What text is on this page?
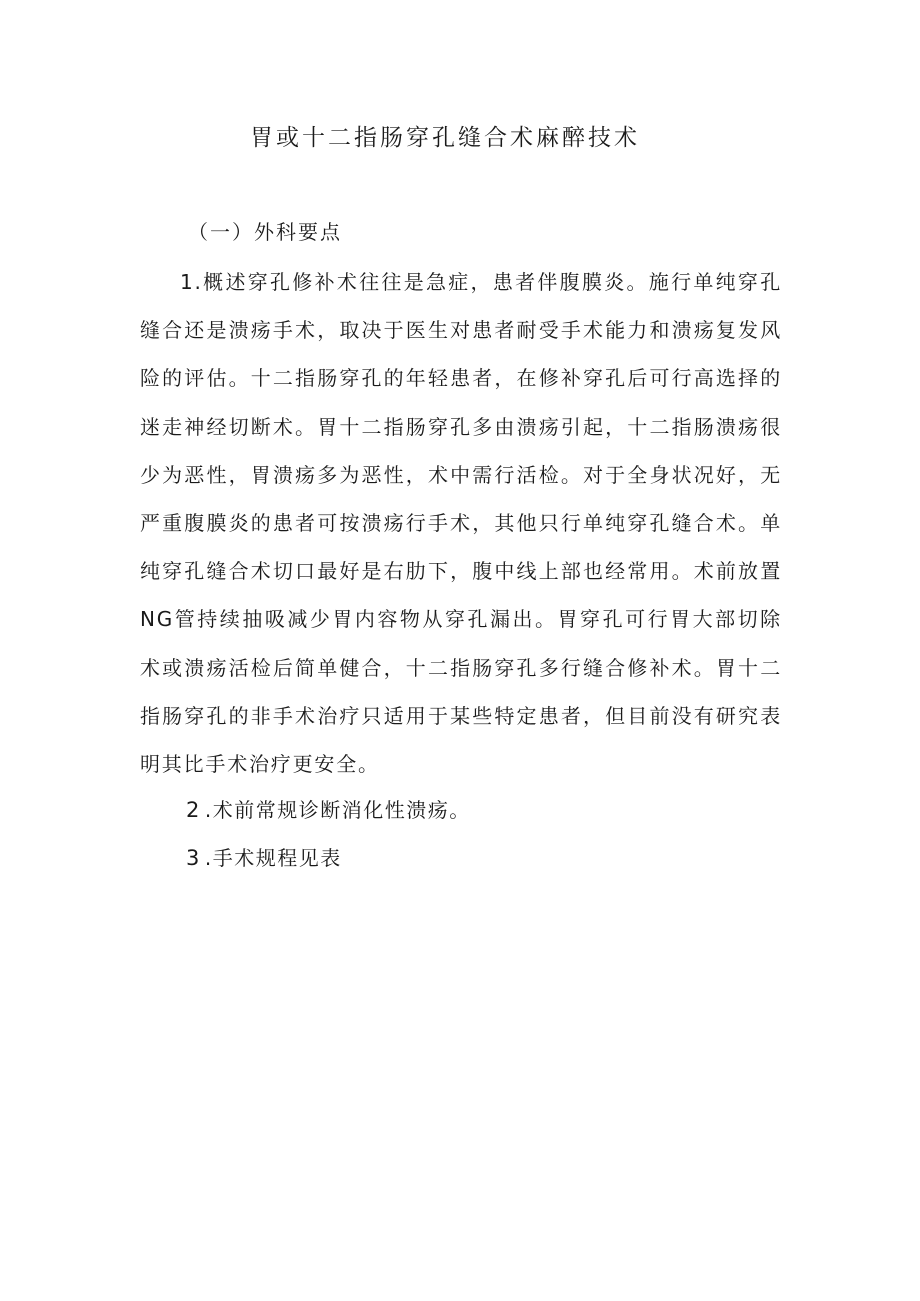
胃或十二指肠穿孔缝合术麻醉技术
（一）外科要点

1.概述穿孔修补术往往是急症，患者伴腹膜炎。施行单纯穿孔缝合还是溃疡手术，取决于医生对患者耐受手术能力和溃疡复发风险的评估。十二指肠穿孔的年轻患者，在修补穿孔后可行高选择的迷走神经切断术。胃十二指肠穿孔多由溃疡引起，十二指肠溃疡很少为恶性，胃溃疡多为恶性，术中需行活检。对于全身状况好，无严重腹膜炎的患者可按溃疡行手术，其他只行单纯穿孔缝合术。单纯穿孔缝合术切口最好是右肋下，腹中线上部也经常用。术前放置NG管持续抽吸减少胃内容物从穿孔漏出。胃穿孔可行胃大部切除术或溃疡活检后简单健合，十二指肠穿孔多行缝合修补术。胃十二指肠穿孔的非手术治疗只适用于某些特定患者，但目前没有研究表明其比手术治疗更安全。

2 .术前常规诊断消化性溃疡。

3 .手术规程见表
